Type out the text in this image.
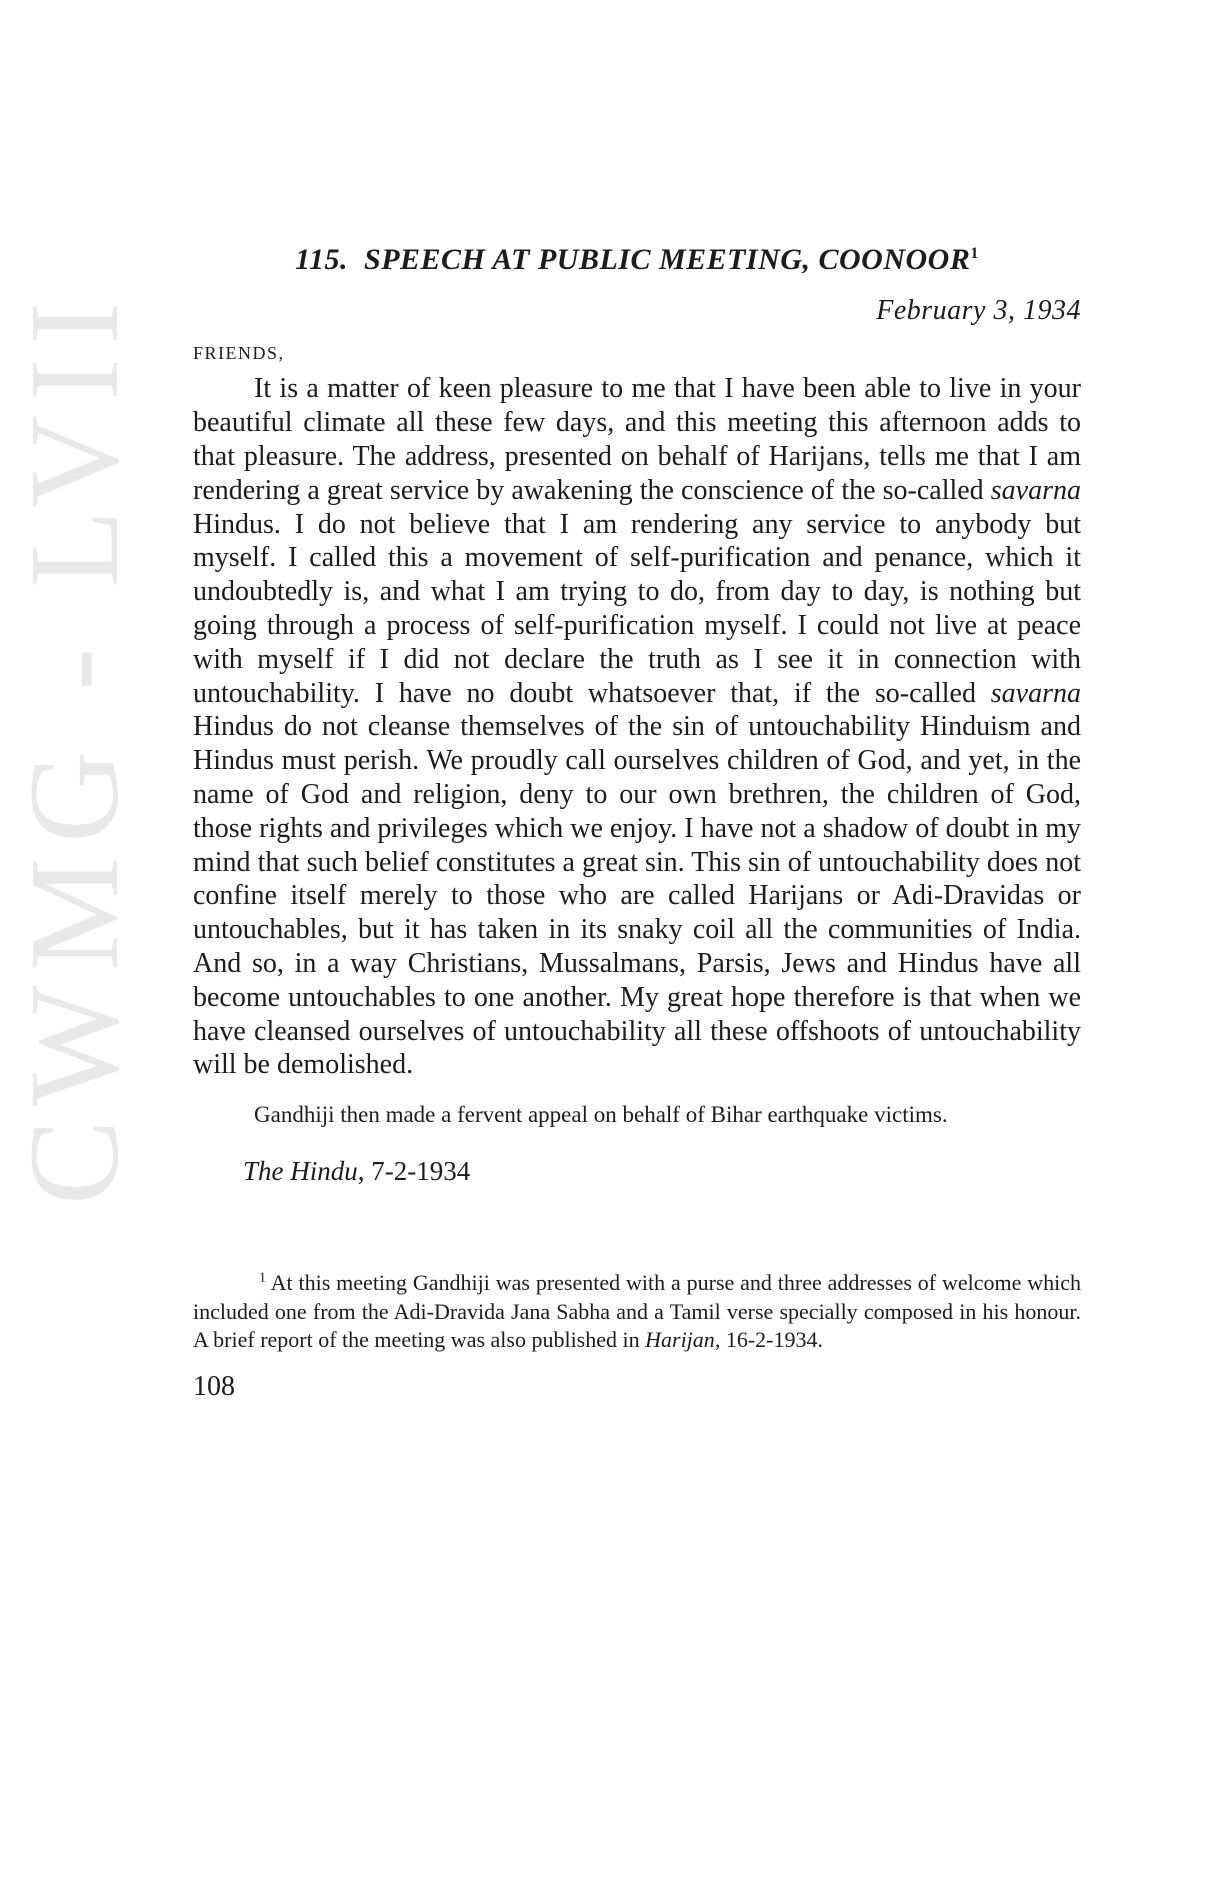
CWMG - LVII
115. SPEECH AT PUBLIC MEETING, COONOOR$^1$
February 3, 1934
FRIENDS,

It is a matter of keen pleasure to me that I have been able to live in your beautiful climate all these few days, and this meeting this afternoon adds to that pleasure. The address, presented on behalf of Harijans, tells me that I am rendering a great service by awakening the conscience of the so-called savarna Hindus. I do not believe that I am rendering any service to anybody but myself. I called this a movement of self-purification and penance, which it undoubtedly is, and what I am trying to do, from day to day, is nothing but going through a process of self-purification myself. I could not live at peace with myself if I did not declare the truth as I see it in connection with untouchability. I have no doubt whatsoever that, if the so-called savarna Hindus do not cleanse themselves of the sin of untouchability Hinduism and Hindus must perish. We proudly call ourselves children of God, and yet, in the name of God and religion, deny to our own brethren, the children of God, those rights and privileges which we enjoy. I have not a shadow of doubt in my mind that such belief constitutes a great sin. This sin of untouchability does not confine itself merely to those who are called Harijans or Adi-Dravidas or untouchables, but it has taken in its snaky coil all the communities of India. And so, in a way Christians, Mussalmans, Parsis, Jews and Hindus have all become untouchables to one another. My great hope therefore is that when we have cleansed ourselves of untouchability all these offshoots of untouchability will be demolished.

Gandhiji then made a fervent appeal on behalf of Bihar earthquake victims.

The Hindu, 7-2-1934

$^1$ At this meeting Gandhiji was presented with a purse and three addresses of welcome which included one from the Adi-Dravida Jana Sabha and a Tamil verse specially composed in his honour. A brief report of the meeting was also published in Harijan, 16-2-1934.

108
